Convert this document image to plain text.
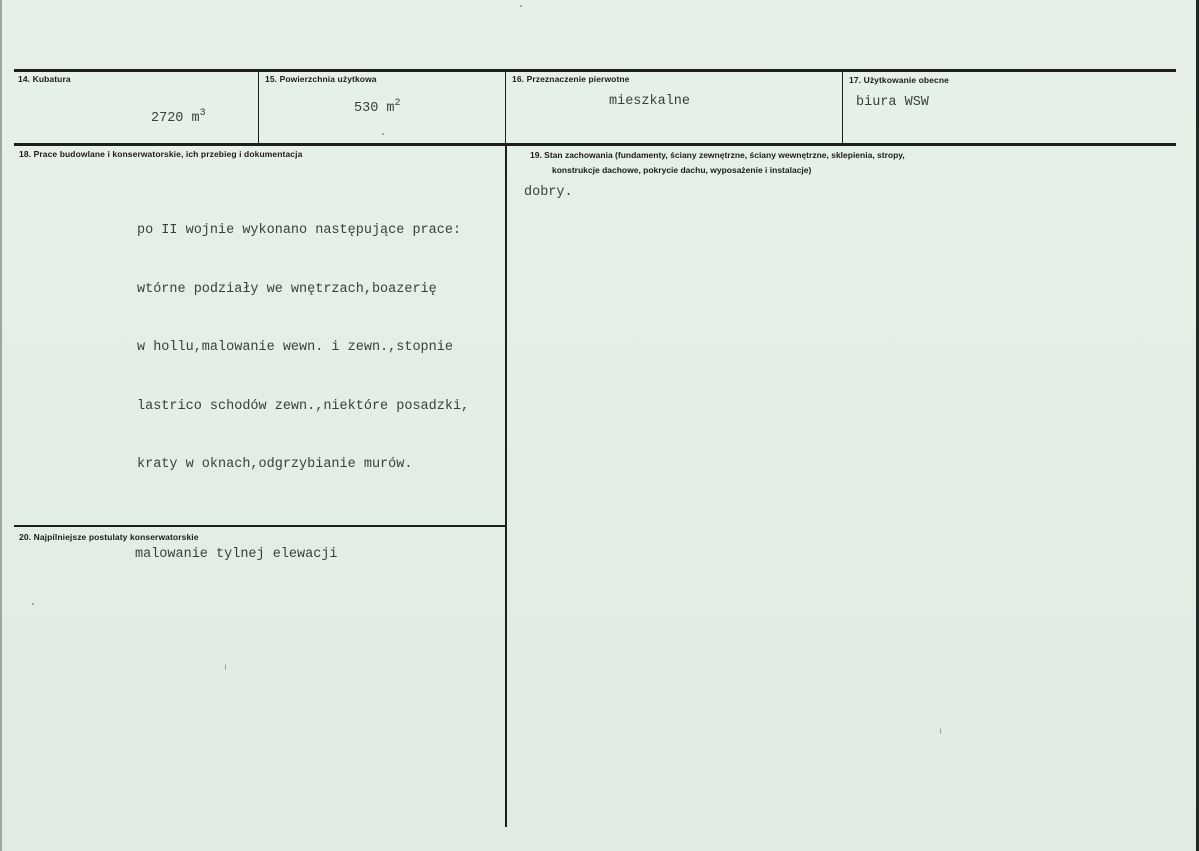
14. Kubatura
2720 $m^3$
15. Powierzchnia użytkowa
530 $m^2$
16. Przeznaczenie pierwotne
mieszkalne
17. Użytkowanie obecne
biura WSW
18. Prace budowlane i konserwatorskie, ich przebieg i dokumentacja

po II wojnie wykonano następujące prace:

wtórne podziały we wnętrzach,boazerię

w hollu,malowanie wewn. i zewn.,stopnie

lastrico schodów zewn.,niektóre posadzki,

kraty w oknach,odgrzybianie murów.

19. Stan zachowania (fundamenty, ściany zewnętrzne, ściany wewnętrzne, sklepienia, stropy,
konstrukcje dachowe, pokrycie dachu, wyposażenie i instalacje)
dobry.
20. Najpilniejsze postulaty konserwatorskie
malowanie tylnej elewacji
